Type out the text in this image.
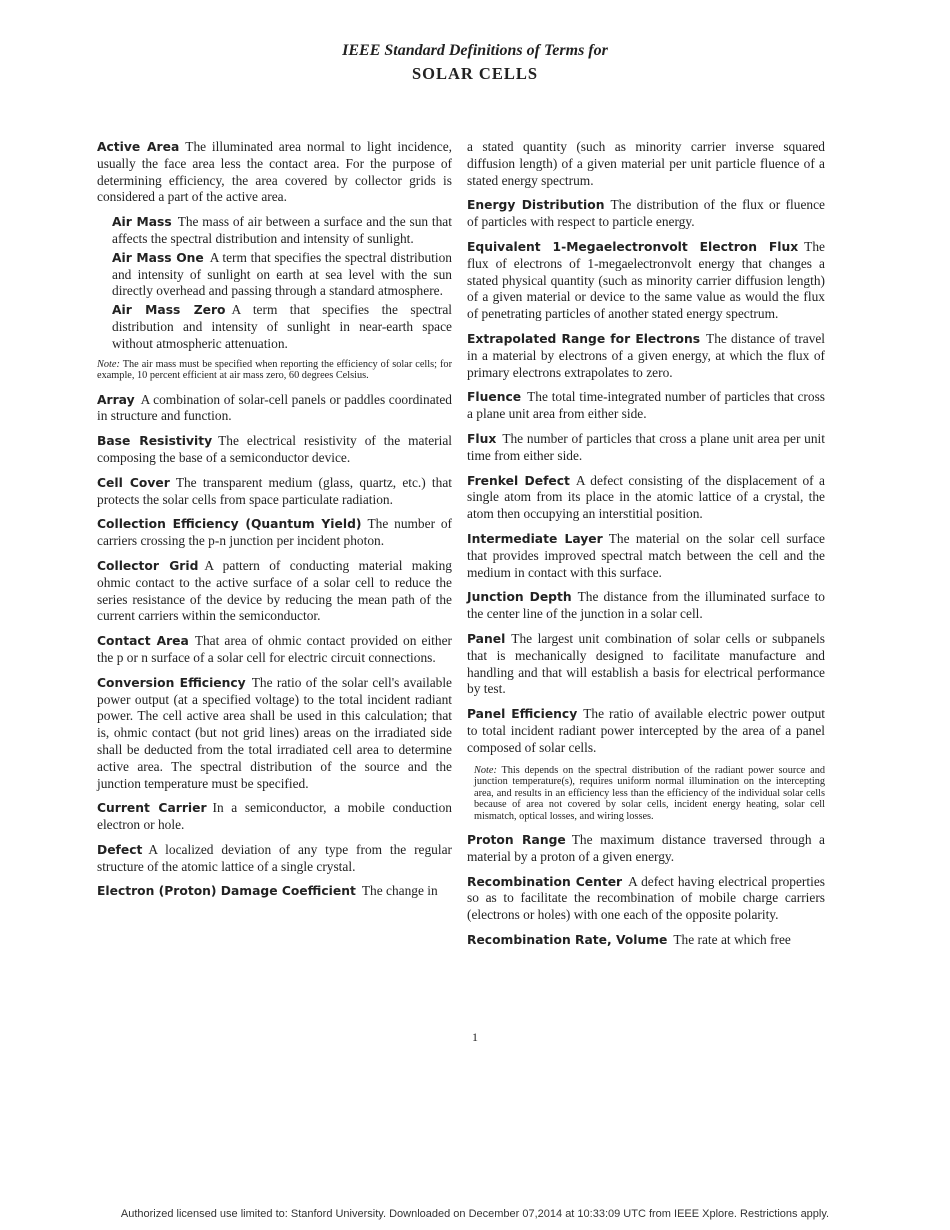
IEEE Standard Definitions of Terms for
SOLAR CELLS

Active Area The illuminated area normal to light incidence, usually the face area less the contact area. For the purpose of determining efficiency, the area covered by collector grids is considered a part of the active area.

Air Mass The mass of air between a surface and the sun that affects the spectral distribution and intensity of sunlight.

Air Mass One A term that specifies the spectral distribution and intensity of sunlight on earth at sea level with the sun directly overhead and passing through a standard atmosphere.

Air Mass Zero A term that specifies the spectral distribution and intensity of sunlight in near-earth space without atmospheric attenuation.

Note: The air mass must be specified when reporting the efficiency of solar cells; for example, 10 percent efficient at air mass zero, 60 degrees Celsius.

Array A combination of solar-cell panels or paddles coordinated in structure and function.

Base Resistivity The electrical resistivity of the material composing the base of a semiconductor device.

Cell Cover The transparent medium (glass, quartz, etc.) that protects the solar cells from space particulate radiation.

Collection Efficiency (Quantum Yield) The number of carriers crossing the p-n junction per incident photon.

Collector Grid A pattern of conducting material making ohmic contact to the active surface of a solar cell to reduce the series resistance of the device by reducing the mean path of the current carriers within the semiconductor.

Contact Area That area of ohmic contact provided on either the p or n surface of a solar cell for electric circuit connections.

Conversion Efficiency The ratio of the solar cell's available power output (at a specified voltage) to the total incident radiant power. The cell active area shall be used in this calculation; that is, ohmic contact (but not grid lines) areas on the irradiated side shall be deducted from the total irradiated cell area to determine active area. The spectral distribution of the source and the junction temperature must be specified.

Current Carrier In a semiconductor, a mobile conduction electron or hole.

Defect A localized deviation of any type from the regular structure of the atomic lattice of a single crystal.

Electron (Proton) Damage Coefficient The change in

a stated quantity (such as minority carrier inverse squared diffusion length) of a given material per unit particle fluence of a stated energy spectrum.

Energy Distribution The distribution of the flux or fluence of particles with respect to particle energy.

Equivalent 1-Megaelectronvolt Electron Flux The flux of electrons of 1-megaelectronvolt energy that changes a stated physical quantity (such as minority carrier diffusion length) of a given material or device to the same value as would the flux of penetrating particles of another stated energy spectrum.

Extrapolated Range for Electrons The distance of travel in a material by electrons of a given energy, at which the flux of primary electrons extrapolates to zero.

Fluence The total time-integrated number of particles that cross a plane unit area from either side.

Flux The number of particles that cross a plane unit area per unit time from either side.

Frenkel Defect A defect consisting of the displacement of a single atom from its place in the atomic lattice of a crystal, the atom then occupying an interstitial position.

Intermediate Layer The material on the solar cell surface that provides improved spectral match between the cell and the medium in contact with this surface.

Junction Depth The distance from the illuminated surface to the center line of the junction in a solar cell.

Panel The largest unit combination of solar cells or subpanels that is mechanically designed to facilitate manufacture and handling and that will establish a basis for electrical performance by test.

Panel Efficiency The ratio of available electric power output to total incident radiant power intercepted by the area of a panel composed of solar cells.

Note: This depends on the spectral distribution of the radiant power source and junction temperature(s), requires uniform normal illumination on the intercepting area, and results in an efficiency less than the efficiency of the individual solar cells because of area not covered by solar cells, incident energy heating, solar cell mismatch, optical losses, and wiring losses.

Proton Range The maximum distance traversed through a material by a proton of a given energy.

Recombination Center A defect having electrical properties so as to facilitate the recombination of mobile charge carriers (electrons or holes) with one each of the opposite polarity.

Recombination Rate, Volume The rate at which free

1
Authorized licensed use limited to: Stanford University. Downloaded on December 07,2014 at 10:33:09 UTC from IEEE Xplore. Restrictions apply.
